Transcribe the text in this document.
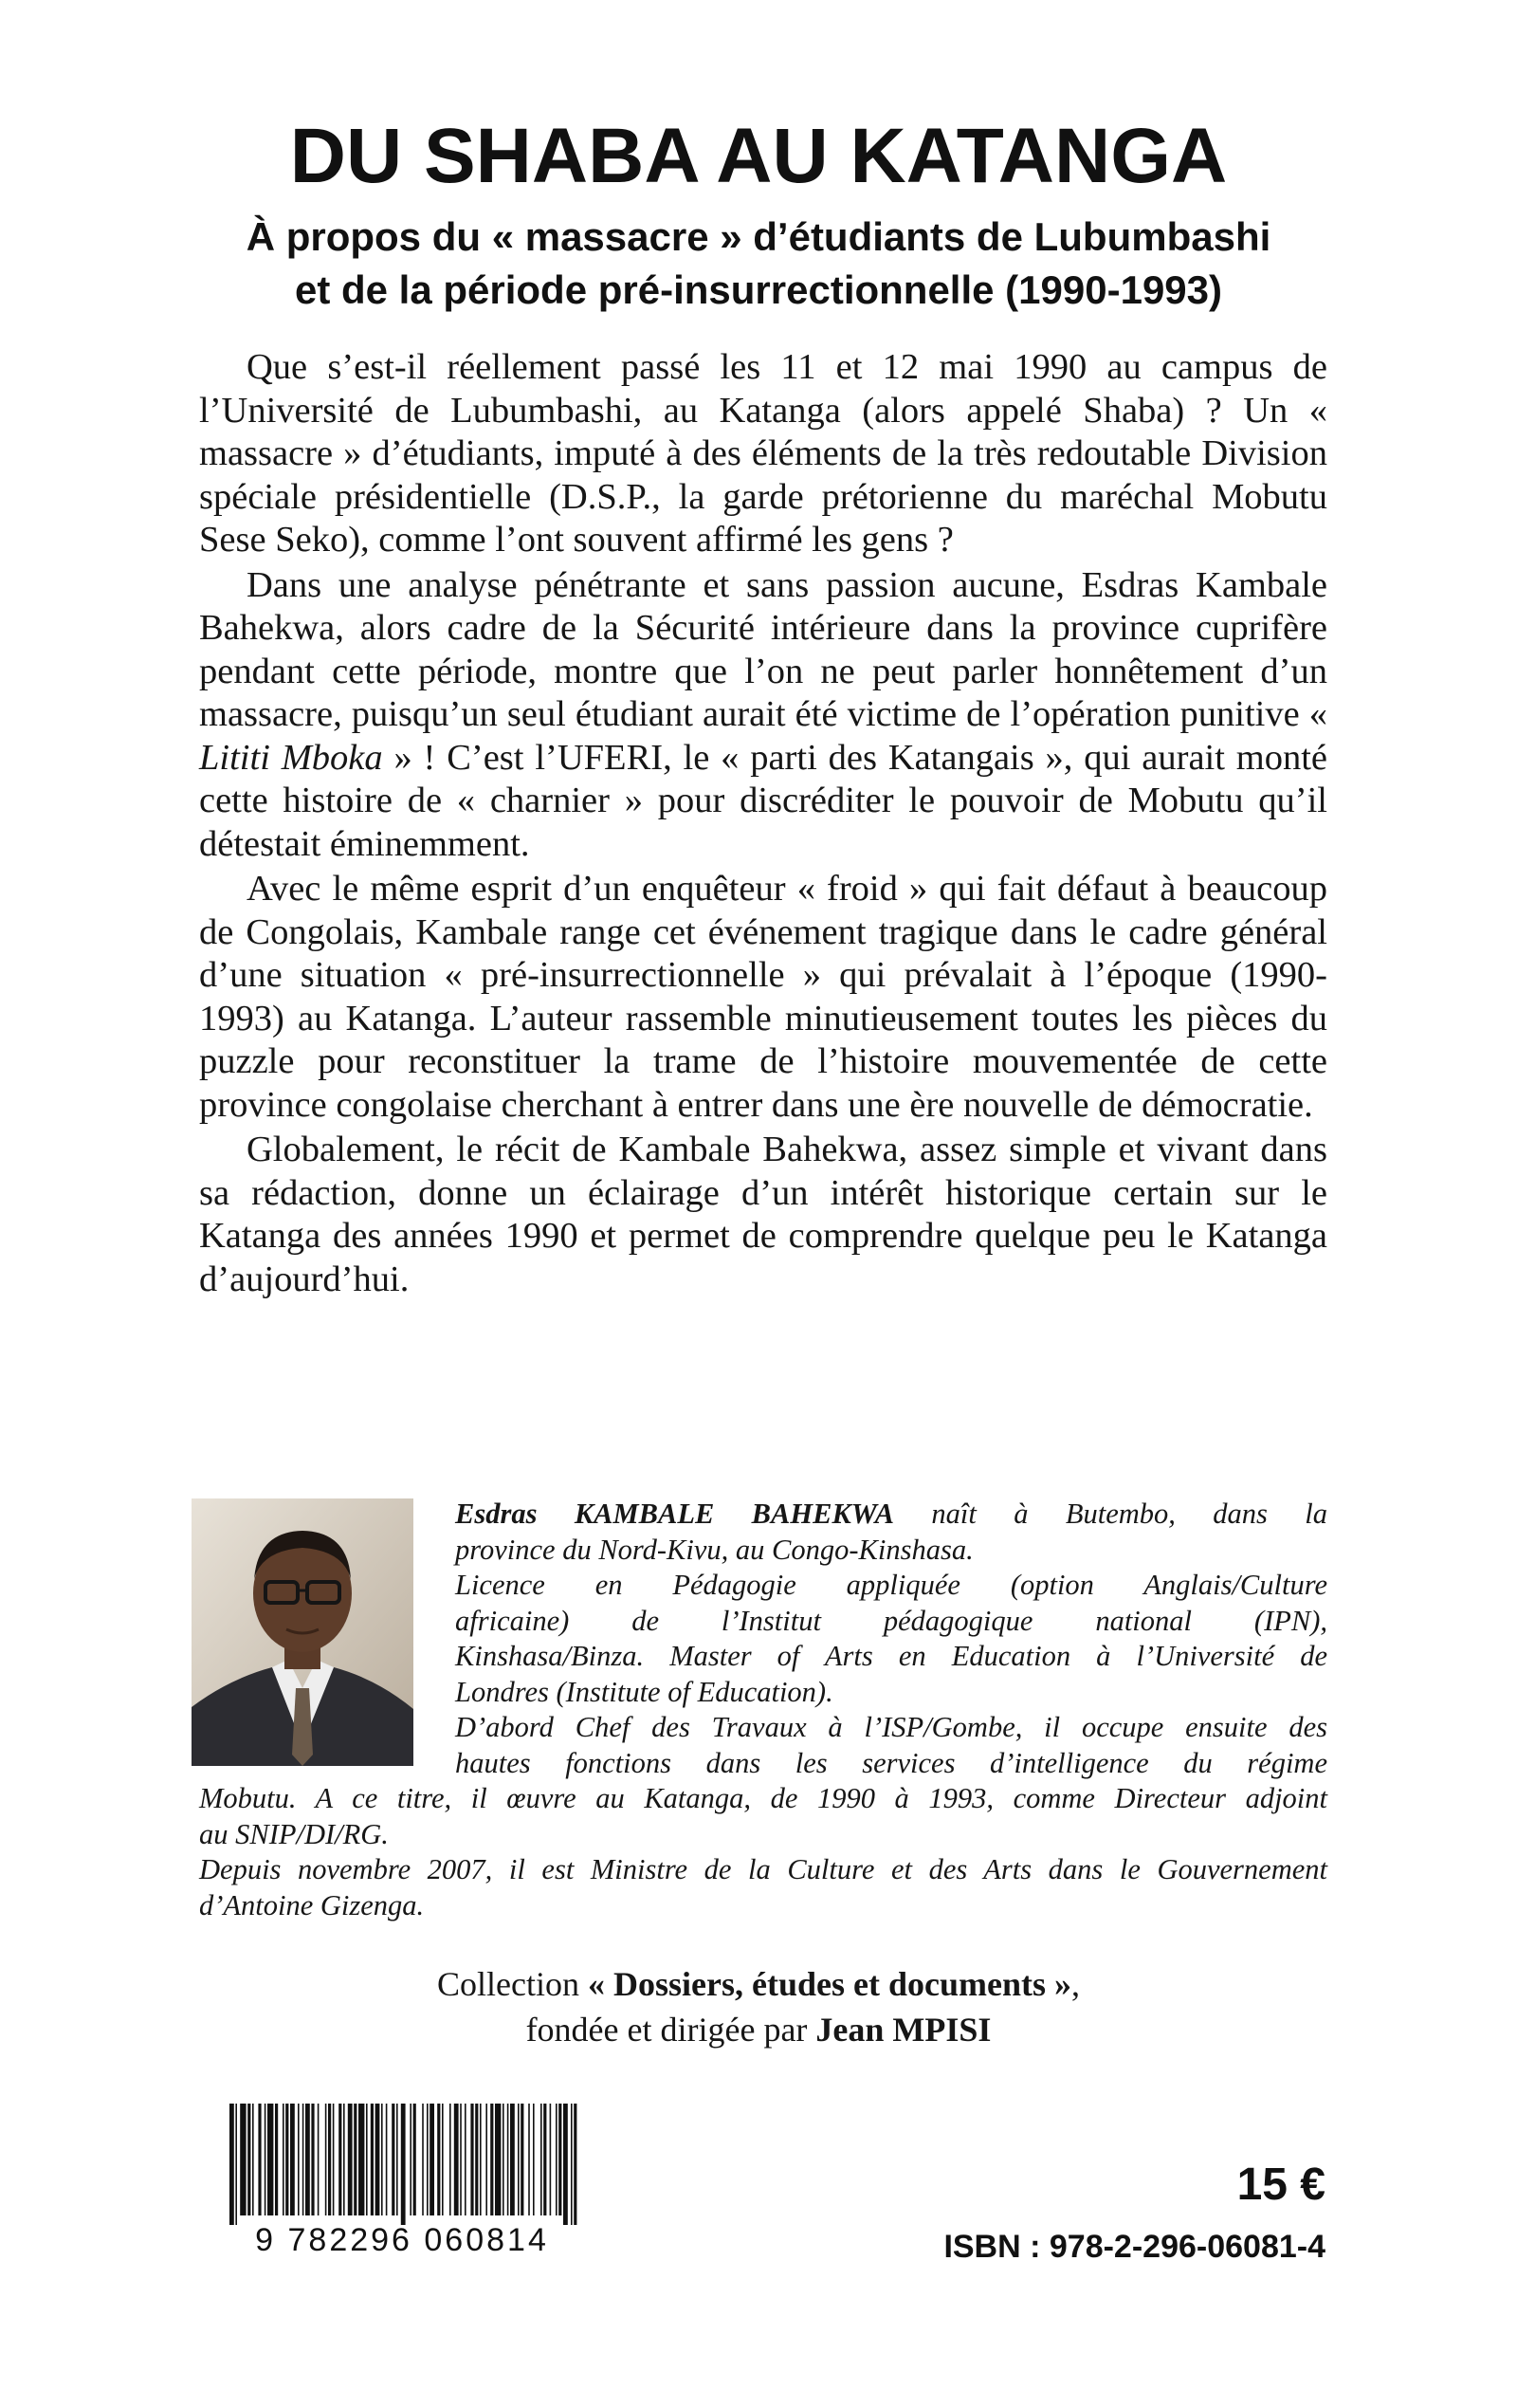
DU SHABA AU KATANGA
À propos du « massacre » d’étudiants de Lubumbashi
et de la période pré-insurrectionnelle (1990-1993)

Que s’est-il réellement passé les 11 et 12 mai 1990 au campus de l’Université de Lubumbashi, au Katanga (alors appelé Shaba) ? Un « massacre » d’étudiants, imputé à des éléments de la très redoutable Division spéciale présidentielle (D.S.P., la garde prétorienne du maréchal Mobutu Sese Seko), comme l’ont souvent affirmé les gens ?

Dans une analyse pénétrante et sans passion aucune, Esdras Kambale Bahekwa, alors cadre de la Sécurité intérieure dans la province cuprifère pendant cette période, montre que l’on ne peut parler honnêtement d’un massacre, puisqu’un seul étudiant aurait été victime de l’opération punitive « Lititi Mboka » ! C’est l’UFERI, le « parti des Katangais », qui aurait monté cette histoire de « charnier » pour discréditer le pouvoir de Mobutu qu’il détestait éminemment.

Avec le même esprit d’un enquêteur « froid » qui fait défaut à beaucoup de Congolais, Kambale range cet événement tragique dans le cadre général d’une situation « pré-insurrectionnelle » qui prévalait à l’époque (1990-1993) au Katanga. L’auteur rassemble minutieusement toutes les pièces du puzzle pour reconstituer la trame de l’histoire mouvementée de cette province congolaise cherchant à entrer dans une ère nouvelle de démocratie.

Globalement, le récit de Kambale Bahekwa, assez simple et vivant dans sa rédaction, donne un éclairage d’un intérêt historique certain sur le Katanga des années 1990 et permet de comprendre quelque peu le Katanga d’aujourd’hui.

Esdras KAMBALE BAHEKWA naît à Butembo, dans la
province du Nord-Kivu, au Congo-Kinshasa.
Licence en Pédagogie appliquée (option Anglais/Culture
africaine) de l’Institut pédagogique national (IPN),
Kinshasa/Binza. Master of Arts en Education à l’Université de
Londres (Institute of Education).
D’abord Chef des Travaux à l’ISP/Gombe, il occupe ensuite des
hautes fonctions dans les services d’intelligence du régime
Mobutu. A ce titre, il œuvre au Katanga, de 1990 à 1993, comme Directeur adjoint
au SNIP/DI/RG.
Depuis novembre 2007, il est Ministre de la Culture et des Arts dans le Gouvernement
d’Antoine Gizenga.
Collection « Dossiers, études et documents »,
fondée et dirigée par Jean MPISI
9 782296 060814
15 €
ISBN : 978-2-296-06081-4
